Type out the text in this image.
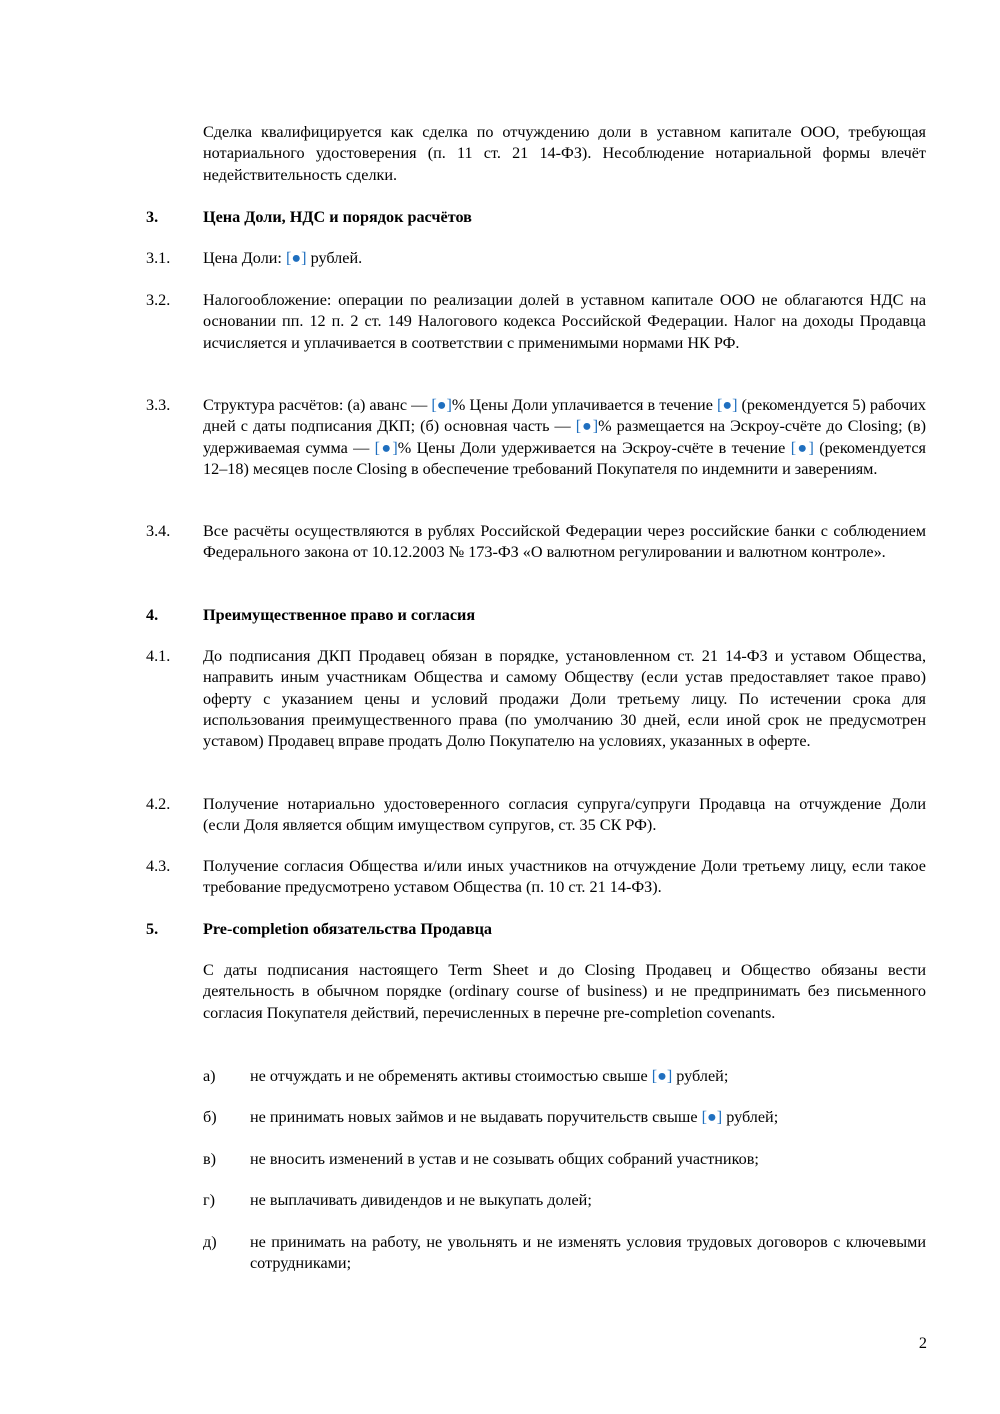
Сделка квалифицируется как сделка по отчуждению доли в уставном капитале ООО, требующая нотариального удостоверения (п. 11 ст. 21 14-ФЗ). Несоблюдение нотариальной формы влечёт недействительность сделки.
3.	Цена Доли, НДС и порядок расчётов
3.1.	Цена Доли: [●] рублей.
3.2.	Налогообложение: операции по реализации долей в уставном капитале ООО не облагаются НДС на основании пп. 12 п. 2 ст. 149 Налогового кодекса Российской Федерации. Налог на доходы Продавца исчисляется и уплачивается в соответствии с применимыми нормами НК РФ.
3.3.	Структура расчётов: (а) аванс — [●]% Цены Доли уплачивается в течение [●] (рекомендуется 5) рабочих дней с даты подписания ДКП; (б) основная часть — [●]% размещается на Эскроу-счёте до Closing; (в) удерживаемая сумма — [●]% Цены Доли удерживается на Эскроу-счёте в течение [●] (рекомендуется 12–18) месяцев после Closing в обеспечение требований Покупателя по индемнити и заверениям.
3.4.	Все расчёты осуществляются в рублях Российской Федерации через российские банки с соблюдением Федерального закона от 10.12.2003 № 173-ФЗ «О валютном регулировании и валютном контроле».
4.	Преимущественное право и согласия
4.1.	До подписания ДКП Продавец обязан в порядке, установленном ст. 21 14-ФЗ и уставом Общества, направить иным участникам Общества и самому Обществу (если устав предоставляет такое право) оферту с указанием цены и условий продажи Доли третьему лицу. По истечении срока для использования преимущественного права (по умолчанию 30 дней, если иной срок не предусмотрен уставом) Продавец вправе продать Долю Покупателю на условиях, указанных в оферте.
4.2.	Получение нотариально удостоверенного согласия супруга/супруги Продавца на отчуждение Доли (если Доля является общим имуществом супругов, ст. 35 СК РФ).
4.3.	Получение согласия Общества и/или иных участников на отчуждение Доли третьему лицу, если такое требование предусмотрено уставом Общества (п. 10 ст. 21 14-ФЗ).
5.	Pre-completion обязательства Продавца
С даты подписания настоящего Term Sheet и до Closing Продавец и Общество обязаны вести деятельность в обычном порядке (ordinary course of business) и не предпринимать без письменного согласия Покупателя действий, перечисленных в перечне pre-completion covenants.
а)	не отчуждать и не обременять активы стоимостью свыше [●] рублей;
б)	не принимать новых займов и не выдавать поручительств свыше [●] рублей;
в)	не вносить изменений в устав и не созывать общих собраний участников;
г)	не выплачивать дивидендов и не выкупать долей;
д)	не принимать на работу, не увольнять и не изменять условия трудовых договоров с ключевыми сотрудниками;
2
